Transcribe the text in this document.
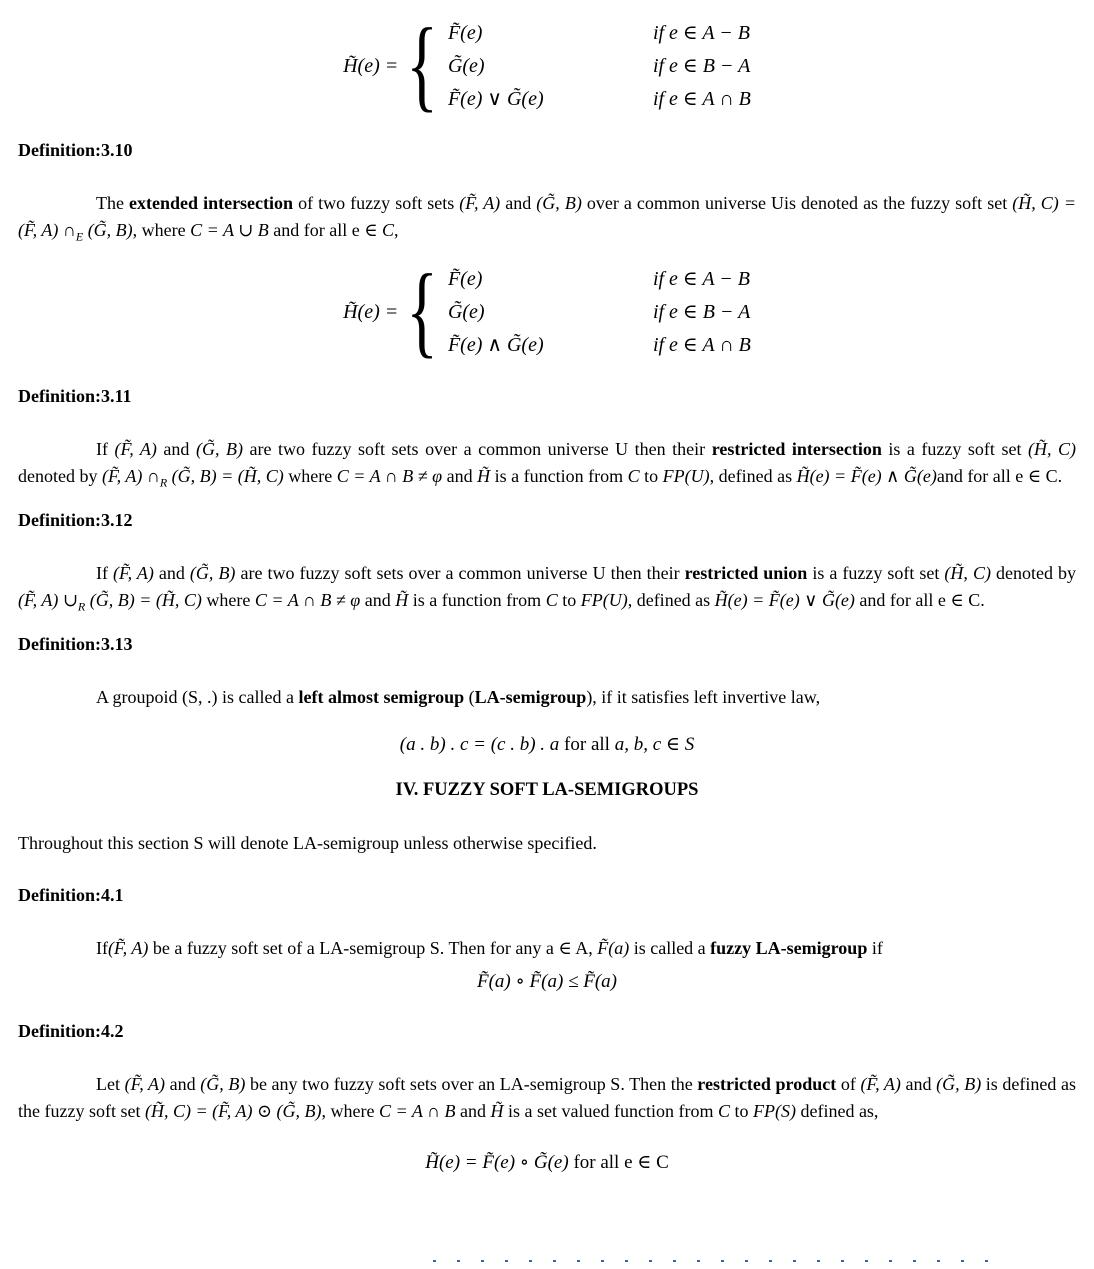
H̃(e) = { F̃(e)	if e ∈ A − B
G̃(e)	if e ∈ B − A
F̃(e) ∨ G̃(e)	if e ∈ A ∩ B
Definition:3.10

The extended intersection of two fuzzy soft sets (F̃, A) and (G̃, B) over a common universe Uis denoted as the fuzzy soft set (H̃, C) = (F̃, A) $\cap_E$ (G̃, B), where C = A ∪ B and for all e ∈ C,

H̃(e) = { F̃(e)	if e ∈ A − B
G̃(e)	if e ∈ B − A
F̃(e) ∧ G̃(e)	if e ∈ A ∩ B
Definition:3.11

If (F̃, A) and (G̃, B) are two fuzzy soft sets over a common universe U then their restricted intersection is a fuzzy soft set (H̃, C) denoted by (F̃, A) $\cap_R$ (G̃, B) = (H̃, C) where C = A ∩ B ≠ φ and H̃ is a function from C to FP(U), defined as H̃(e) = F̃(e) ∧ G̃(e)and for all e ∈ C.

Definition:3.12

If (F̃, A) and (G̃, B) are two fuzzy soft sets over a common universe U then their restricted union is a fuzzy soft set (H̃, C) denoted by (F̃, A) $\cup_R$ (G̃, B) = (H̃, C) where C = A ∩ B ≠ φ and H̃ is a function from C to FP(U), defined as H̃(e) = F̃(e) ∨ G̃(e) and for all e ∈ C.

Definition:3.13

A groupoid (S, .) is called a left almost semigroup (LA-semigroup), if it satisfies left invertive law,

(a . b) . c = (c . b) . a for all a, b, c ∈ S
IV. FUZZY SOFT LA-SEMIGROUPS

Throughout this section S will denote LA-semigroup unless otherwise specified.

Definition:4.1

If(F̃, A) be a fuzzy soft set of a LA-semigroup S. Then for any a ∈ A, F̃(a) is called a fuzzy LA-semigroup if

F̃(a) ∘ F̃(a) ≤ F̃(a)
Definition:4.2

Let (F̃, A) and (G̃, B) be any two fuzzy soft sets over an LA-semigroup S. Then the restricted product of (F̃, A) and (G̃, B) is defined as the fuzzy soft set (H̃, C) = (F̃, A) ⊙ (G̃, B), where C = A ∩ B and H̃ is a set valued function from C to FP(S) defined as,

H̃(e) = F̃(e) ∘ G̃(e) for all e ∈ C
